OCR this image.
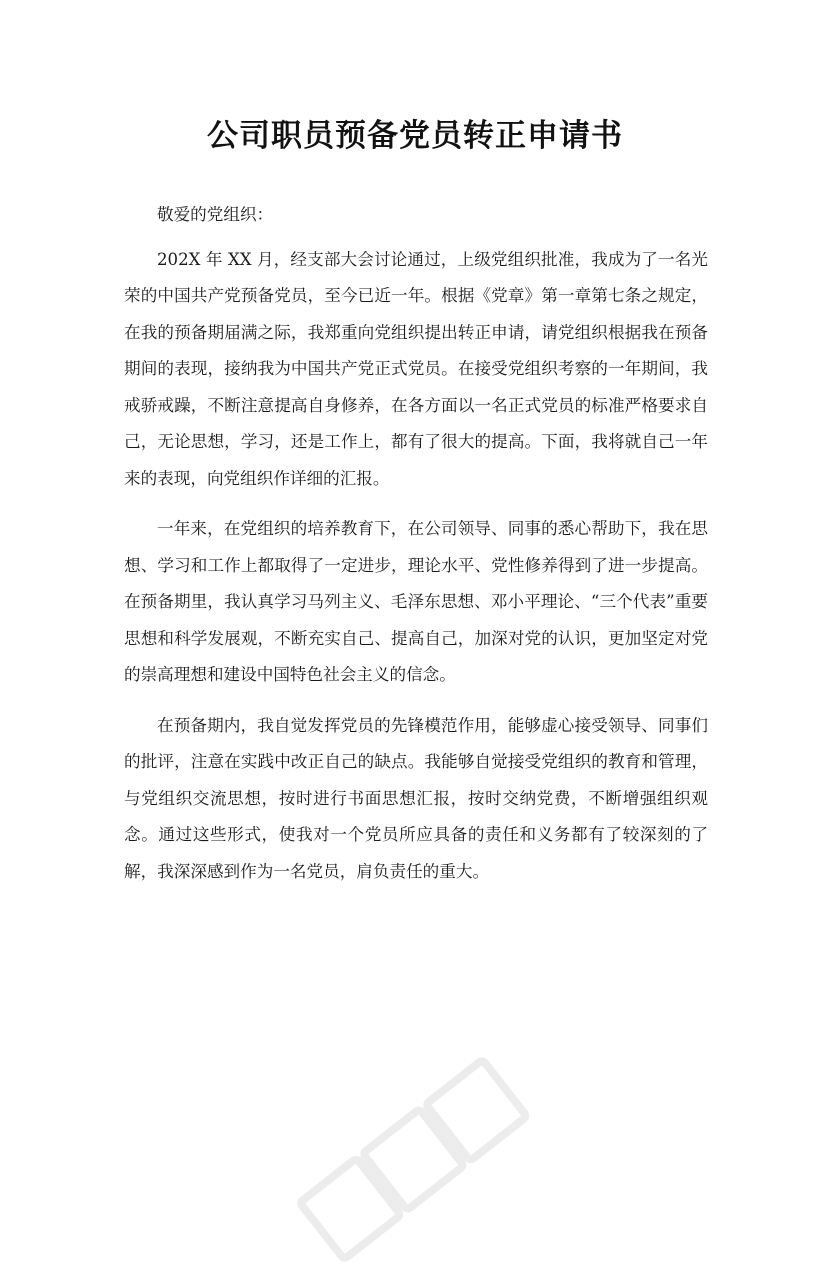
公司职员预备党员转正申请书

敬爱的党组织：

202X 年 XX 月，经支部大会讨论通过，上级党组织批准，我成为了一名光荣的中国共产党预备党员，至今已近一年。根据《党章》第一章第七条之规定，在我的预备期届满之际，我郑重向党组织提出转正申请，请党组织根据我在预备期间的表现，接纳我为中国共产党正式党员。在接受党组织考察的一年期间，我戒骄戒躁，不断注意提高自身修养，在各方面以一名正式党员的标准严格要求自己，无论思想，学习，还是工作上，都有了很大的提高。下面，我将就自己一年来的表现，向党组织作详细的汇报。

一年来，在党组织的培养教育下，在公司领导、同事的悉心帮助下，我在思想、学习和工作上都取得了一定进步，理论水平、党性修养得到了进一步提高。在预备期里，我认真学习马列主义、毛泽东思想、邓小平理论、“三个代表”重要思想和科学发展观，不断充实自己、提高自己，加深对党的认识，更加坚定对党的崇高理想和建设中国特色社会主义的信念。

在预备期内，我自觉发挥党员的先锋模范作用，能够虚心接受领导、同事们的批评，注意在实践中改正自己的缺点。我能够自觉接受党组织的教育和管理，与党组织交流思想，按时进行书面思想汇报，按时交纳党费，不断增强组织观念。通过这些形式，使我对一个党员所应具备的责任和义务都有了较深刻的了解，我深深感到作为一名党员，肩负责任的重大。
